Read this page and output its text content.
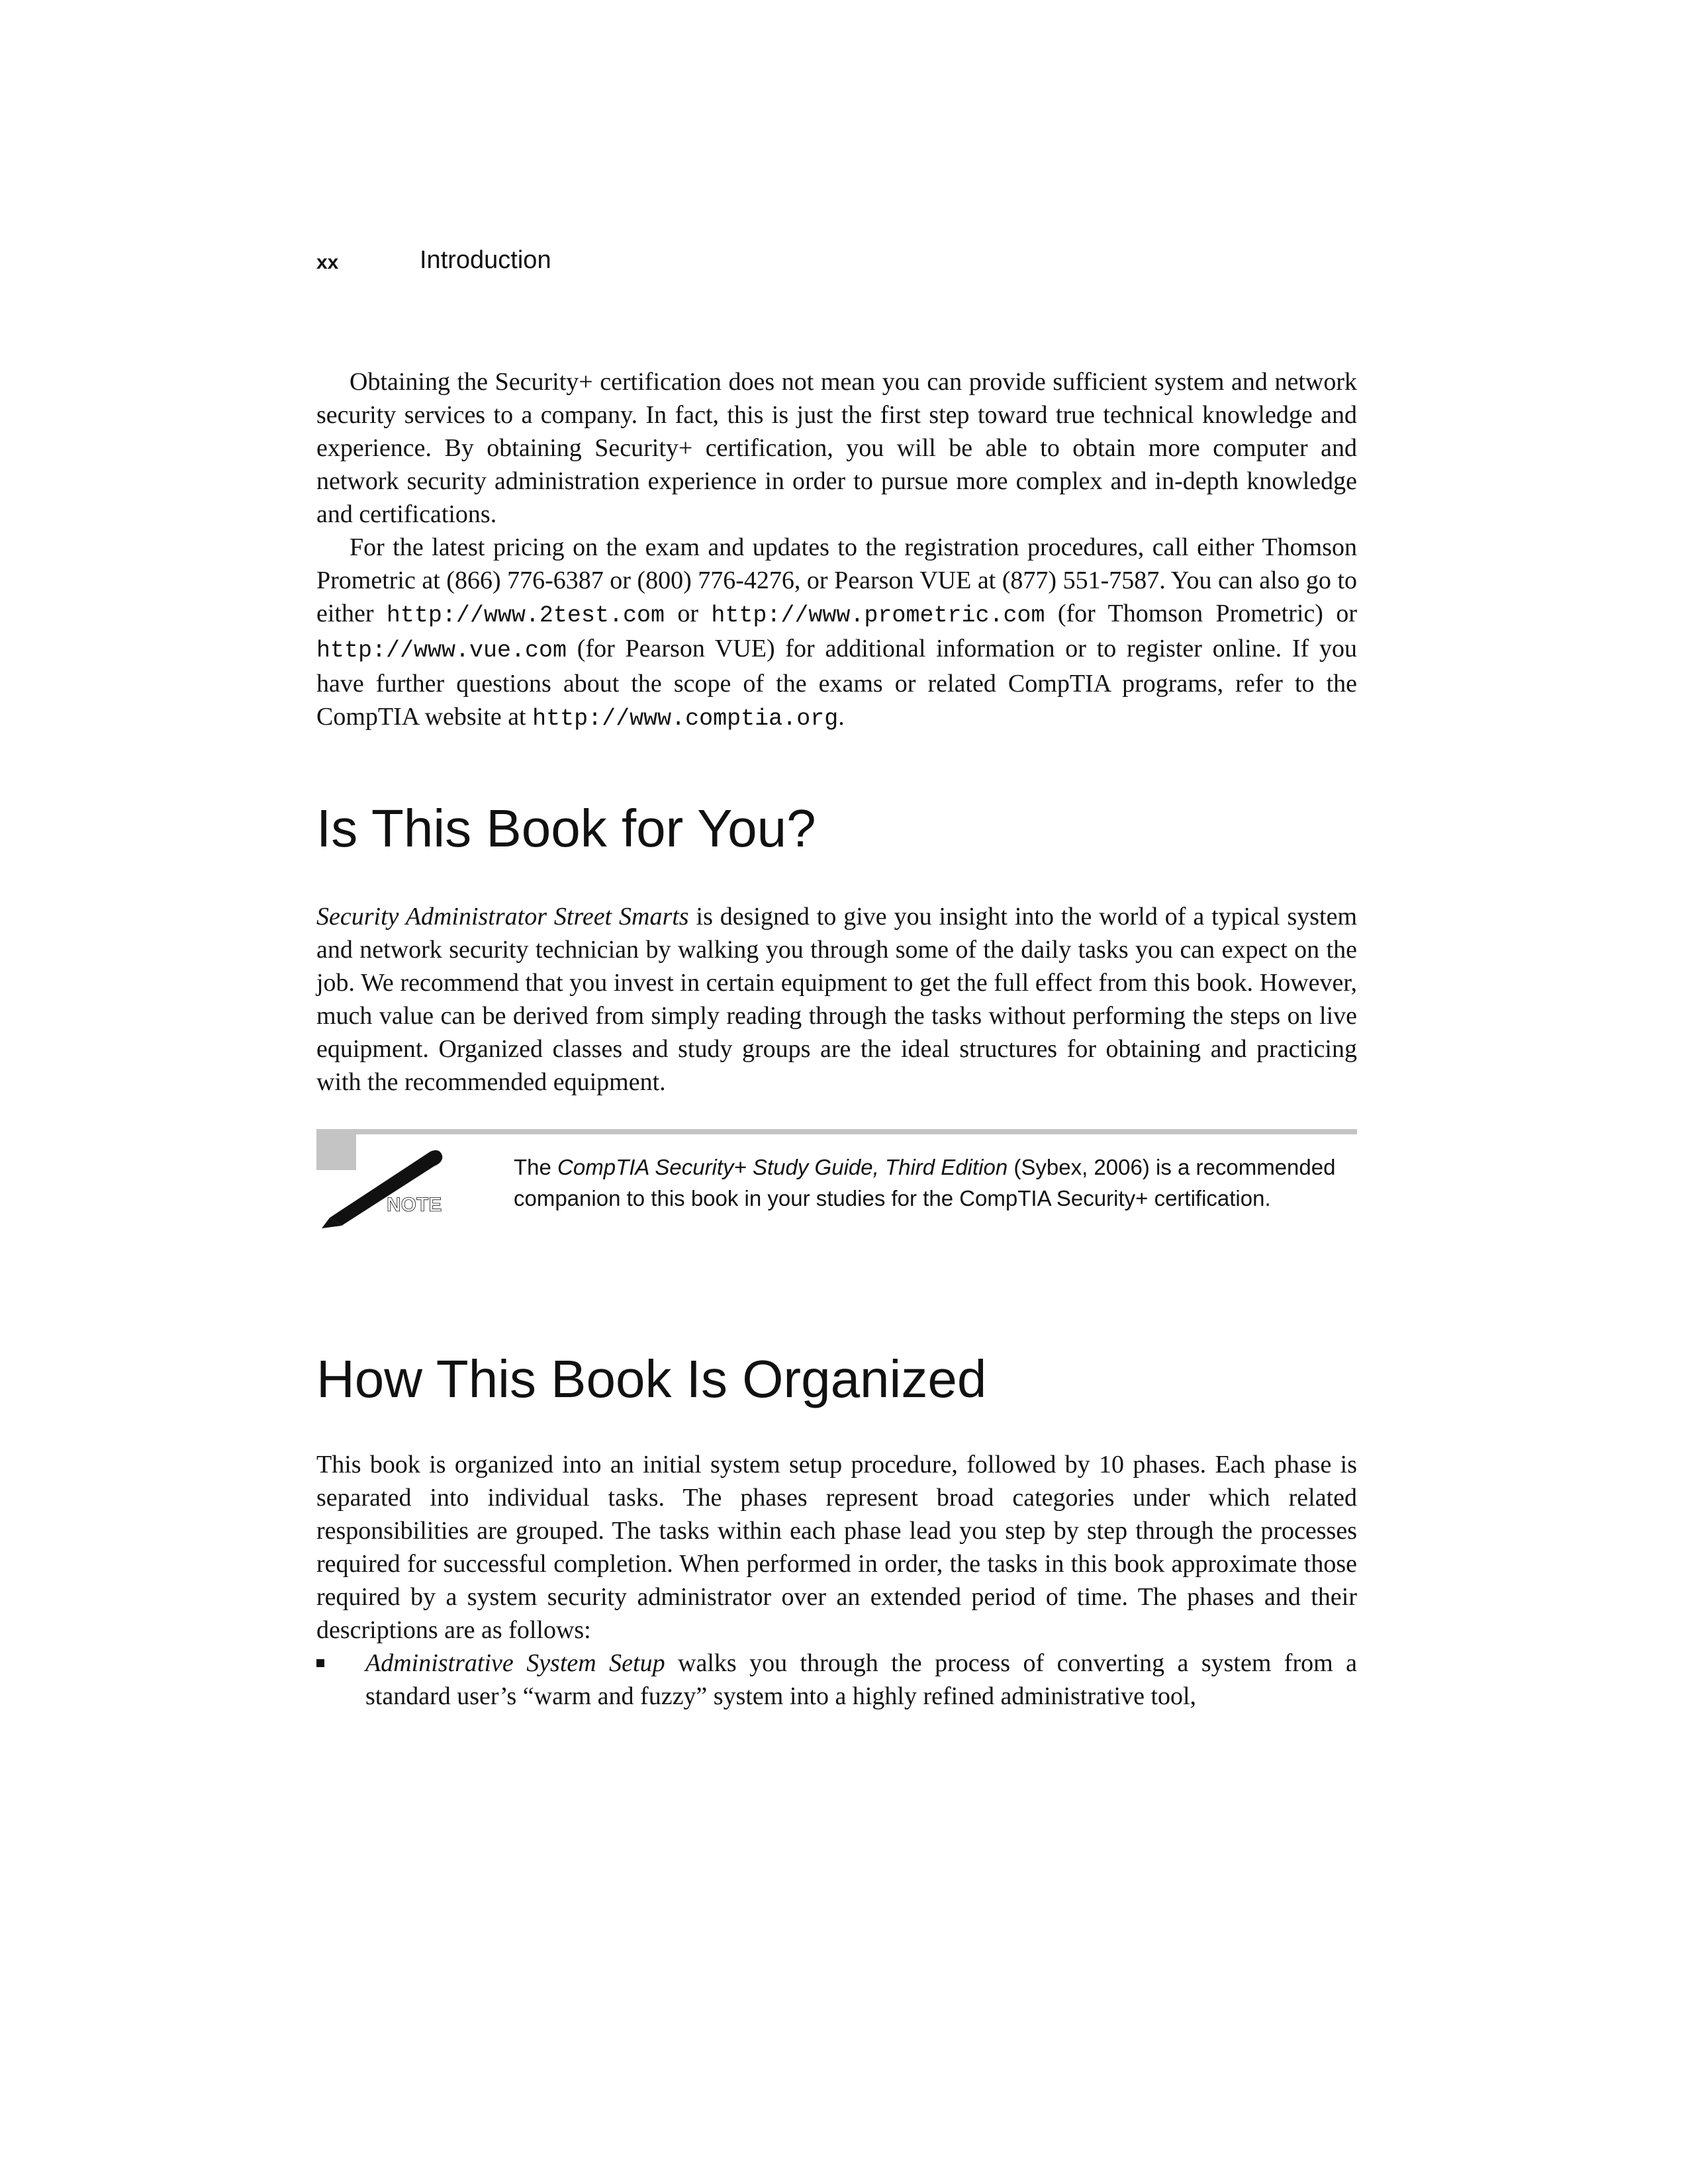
xx	Introduction

Obtaining the Security+ certification does not mean you can provide sufficient system and network security services to a company. In fact, this is just the first step toward true technical knowledge and experience. By obtaining Security+ certification, you will be able to obtain more computer and network security administration experience in order to pursue more complex and in-depth knowledge and certifications.

For the latest pricing on the exam and updates to the registration procedures, call either Thomson Prometric at (866) 776-6387 or (800) 776-4276, or Pearson VUE at (877) 551-7587. You can also go to either http://www.2test.com or http://www.prometric.com (for Thomson Prometric) or http://www.vue.com (for Pearson VUE) for additional information or to register online. If you have further questions about the scope of the exams or related CompTIA programs, refer to the CompTIA website at http://www.comptia.org.

Is This Book for You?

Security Administrator Street Smarts is designed to give you insight into the world of a typical system and network security technician by walking you through some of the daily tasks you can expect on the job. We recommend that you invest in certain equipment to get the full effect from this book. However, much value can be derived from simply reading through the tasks without performing the steps on live equipment. Organized classes and study groups are the ideal structures for obtaining and practicing with the recommended equipment.

NOTE
The CompTIA Security+ Study Guide, Third Edition (Sybex, 2006) is a recommended companion to this book in your studies for the CompTIA Security+ certification.
How This Book Is Organized

This book is organized into an initial system setup procedure, followed by 10 phases. Each phase is separated into individual tasks. The phases represent broad categories under which related responsibilities are grouped. The tasks within each phase lead you step by step through the processes required for successful completion. When performed in order, the tasks in this book approximate those required by a system security administrator over an extended period of time. The phases and their descriptions are as follows:

Administrative System Setup walks you through the process of converting a system from a standard user’s “warm and fuzzy” system into a highly refined administrative tool,
